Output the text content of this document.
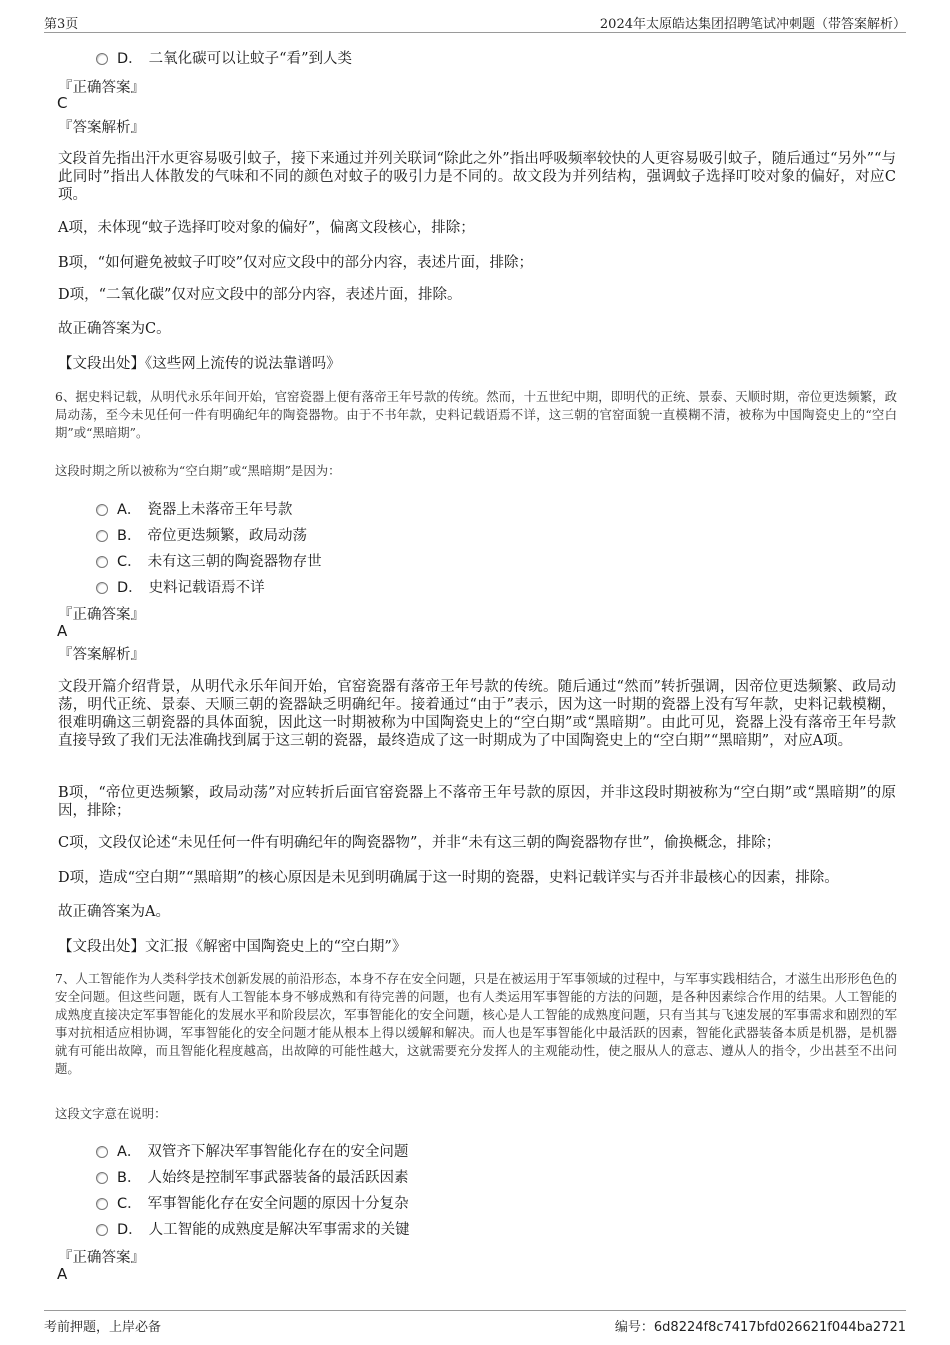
第3页	2024年太原皓达集团招聘笔试冲刺题（带答案解析）
D． 二氧化碳可以让蚊子“看”到人类
『正确答案』
C
『答案解析』
文段首先指出汗水更容易吸引蚊子，接下来通过并列关联词“除此之外”指出呼吸频率较快的人更容易吸引蚊子，随后通过“另外”“与此同时”指出人体散发的气味和不同的颜色对蚊子的吸引力是不同的。故文段为并列结构，强调蚊子选择叮咬对象的偏好，对应C项。
A项，未体现“蚊子选择叮咬对象的偏好”，偏离文段核心，排除；
B项，“如何避免被蚊子叮咬”仅对应文段中的部分内容，表述片面，排除；
D项，“二氧化碳”仅对应文段中的部分内容，表述片面，排除。
故正确答案为C。
【文段出处】《这些网上流传的说法靠谱吗》
6、据史料记载，从明代永乐年间开始，官窑瓷器上便有落帝王年号款的传统。然而，十五世纪中期，即明代的正统、景泰、天顺时期，帝位更迭频繁，政局动荡，至今未见任何一件有明确纪年的陶瓷器物。由于不书年款，史料记载语焉不详，这三朝的官窑面貌一直模糊不清，被称为中国陶瓷史上的“空白期”或“黑暗期”。
这段时期之所以被称为“空白期”或“黑暗期”是因为：
A． 瓷器上未落帝王年号款
B． 帝位更迭频繁，政局动荡
C． 未有这三朝的陶瓷器物存世
D． 史料记载语焉不详
『正确答案』
A
『答案解析』
文段开篇介绍背景，从明代永乐年间开始，官窑瓷器有落帝王年号款的传统。随后通过“然而”转折强调，因帝位更迭频繁、政局动荡，明代正统、景泰、天顺三朝的瓷器缺乏明确纪年。接着通过“由于”表示，因为这一时期的瓷器上没有写年款，史料记载模糊，很难明确这三朝瓷器的具体面貌，因此这一时期被称为中国陶瓷史上的“空白期”或“黑暗期”。由此可见，瓷器上没有落帝王年号款直接导致了我们无法准确找到属于这三朝的瓷器，最终造成了这一时期成为了中国陶瓷史上的“空白期”“黑暗期”，对应A项。
B项，“帝位更迭频繁，政局动荡”对应转折后面官窑瓷器上不落帝王年号款的原因，并非这段时期被称为“空白期”或“黑暗期”的原因，排除；
C项，文段仅论述“未见任何一件有明确纪年的陶瓷器物”，并非“未有这三朝的陶瓷器物存世”，偷换概念，排除；
D项，造成“空白期”“黑暗期”的核心原因是未见到明确属于这一时期的瓷器，史料记载详实与否并非最核心的因素，排除。
故正确答案为A。
【文段出处】文汇报《解密中国陶瓷史上的“空白期”》
7、人工智能作为人类科学技术创新发展的前沿形态，本身不存在安全问题，只是在被运用于军事领域的过程中，与军事实践相结合，才滋生出形形色色的安全问题。但这些问题，既有人工智能本身不够成熟和有待完善的问题，也有人类运用军事智能的方法的问题，是各种因素综合作用的结果。人工智能的成熟度直接决定军事智能化的发展水平和阶段层次，军事智能化的安全问题，核心是人工智能的成熟度问题，只有当其与飞速发展的军事需求和剧烈的军事对抗相适应相协调，军事智能化的安全问题才能从根本上得以缓解和解决。而人也是军事智能化中最活跃的因素，智能化武器装备本质是机器，是机器就有可能出故障，而且智能化程度越高，出故障的可能性越大，这就需要充分发挥人的主观能动性，使之服从人的意志、遵从人的指令，少出甚至不出问题。
这段文字意在说明：
A． 双管齐下解决军事智能化存在的安全问题
B． 人始终是控制军事武器装备的最活跃因素
C． 军事智能化存在安全问题的原因十分复杂
D． 人工智能的成熟度是解决军事需求的关键
『正确答案』
A
考前押题，上岸必备	编号：6d8224f8c7417bfd026621f044ba2721
